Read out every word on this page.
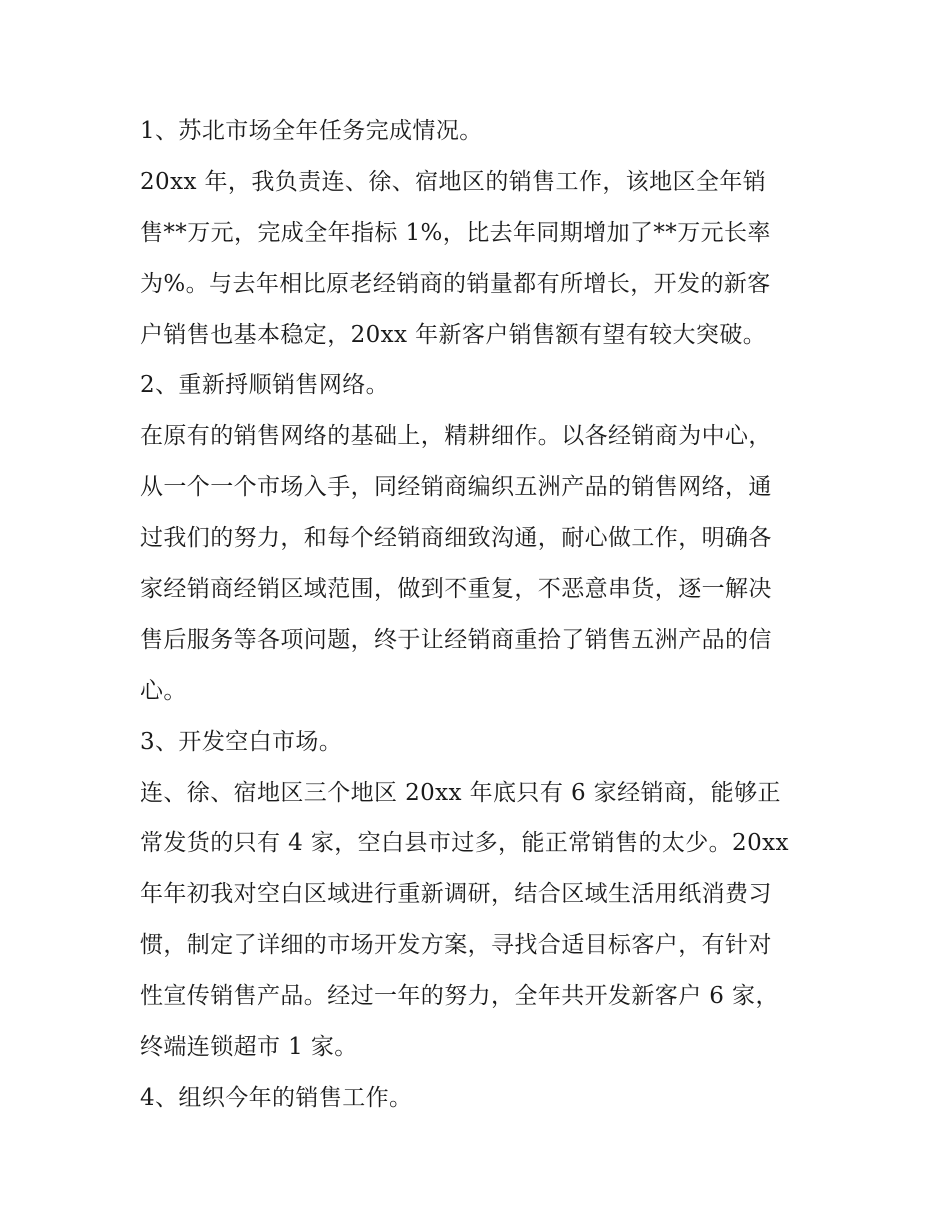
1、苏北市场全年任务完成情况。
20xx 年，我负责连、徐、宿地区的销售工作，该地区全年销
售**万元，完成全年指标 1%，比去年同期增加了**万元长率
为%。与去年相比原老经销商的销量都有所增长，开发的新客
户销售也基本稳定，20xx 年新客户销售额有望有较大突破。
2、重新捋顺销售网络。
在原有的销售网络的基础上，精耕细作。以各经销商为中心，
从一个一个市场入手，同经销商编织五洲产品的销售网络，通
过我们的努力，和每个经销商细致沟通，耐心做工作，明确各
家经销商经销区域范围，做到不重复，不恶意串货，逐一解决
售后服务等各项问题，终于让经销商重拾了销售五洲产品的信
心。
3、开发空白市场。
连、徐、宿地区三个地区 20xx 年底只有 6 家经销商，能够正
常发货的只有 4 家，空白县市过多，能正常销售的太少。20xx
年年初我对空白区域进行重新调研，结合区域生活用纸消费习
惯，制定了详细的市场开发方案，寻找合适目标客户，有针对
性宣传销售产品。经过一年的努力，全年共开发新客户 6 家，
终端连锁超市 1 家。
4、组织今年的销售工作。
